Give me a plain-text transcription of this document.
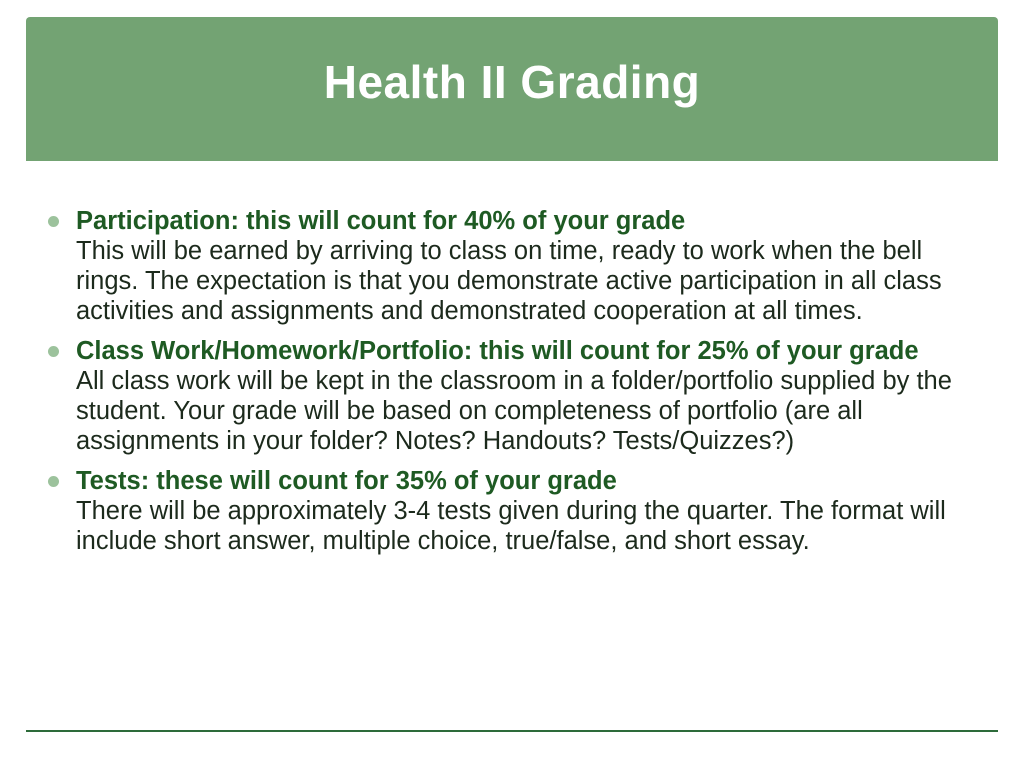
Health II Grading
Participation: this will count for 40% of your grade
This will be earned by arriving to class on time, ready to work when the bell rings. The expectation is that you demonstrate active participation in all class activities and assignments and demonstrated cooperation at all times.
Class Work/Homework/Portfolio: this will count for 25% of your grade
All class work will be kept in the classroom in a folder/portfolio supplied by the student. Your grade will be based on completeness of portfolio (are all assignments in your folder? Notes? Handouts? Tests/Quizzes?)
Tests: these will count for 35% of your grade
There will be approximately 3-4 tests given during the quarter. The format will include short answer, multiple choice, true/false, and short essay.
